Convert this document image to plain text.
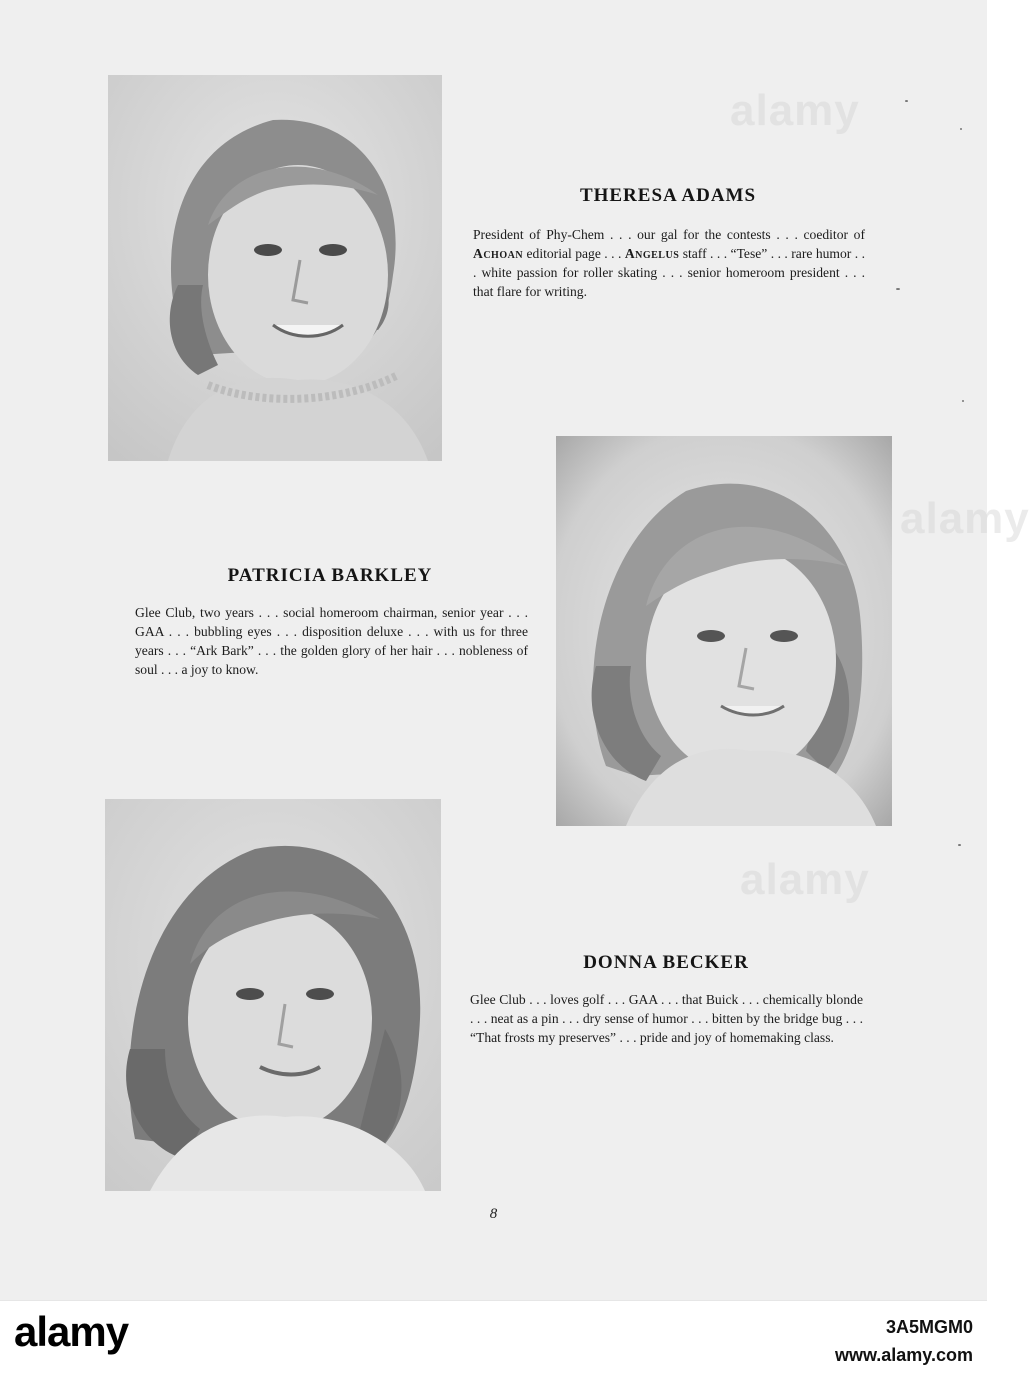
THERESA ADAMS

President of Phy-Chem . . . our gal for the contests . . . coeditor of Achoan editorial page . . . Angelus staff . . . “Tese” . . . rare humor . . . white passion for roller skating . . . senior homeroom president . . . that flare for writing.

PATRICIA BARKLEY

Glee Club, two years . . . social homeroom chairman, senior year . . . GAA . . . bubbling eyes . . . disposition deluxe . . . with us for three years . . . “Ark Bark” . . . the golden glory of her hair . . . nobleness of soul . . . a joy to know.

DONNA BECKER

Glee Club . . . loves golf . . . GAA . . . that Buick . . . chemically blonde . . . neat as a pin . . . dry sense of humor . . . bitten by the bridge bug . . . “That frosts my preserves” . . . pride and joy of homemaking class.

8
alamy
alamy
alamy
alamy	3A5MGM0
www.alamy.com
